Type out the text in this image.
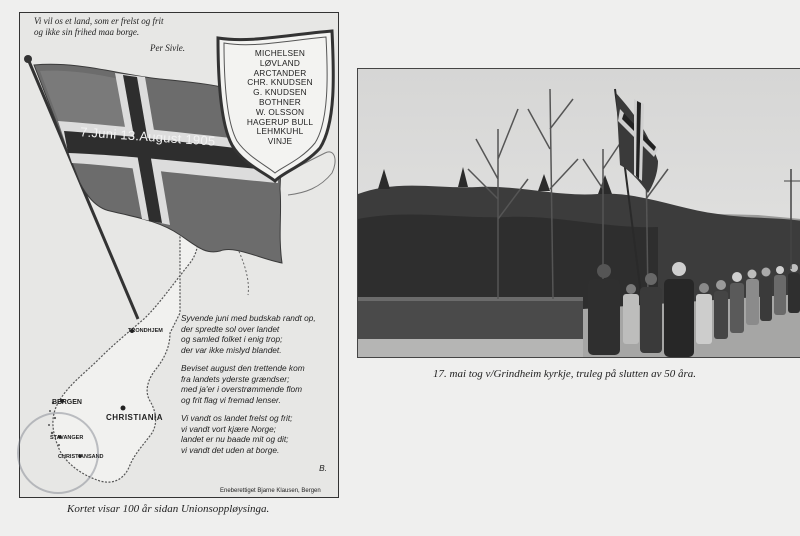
Vi vil os et land, som er frelst og frit
og ikke sin frihed maa borge.
Per Sivle.	MICHELSEN
LØVLAND
ARCTANDER
CHR. KNUDSEN
G. KNUDSEN
BOTHNER
W. OLSSON
HAGERUP BULL
LEHMKUHL
VINJE
7.Juni 13.August 1905
TRONDHJEM
BERGEN
CHRISTIANIA
STAVANGER
CHRISTIANSAND
Syvende juni med budskab randt op,
der spredte sol over landet
og samled folket i enig trop;
der var ikke mislyd blandet.
Beviset august den trettende kom
fra landets yderste grændser;
med ja'er i overstrømmende flom
og frit flag vi fremad lenser.
Vi vandt os landet frelst og frit;
vi vandt vort kjære Norge;
landet er nu baade mit og dit;
vi vandt det uden at borge.
B.
Eneberettiget Bjarne Klausen, Bergen
Kortet visar 100 år sidan Unionsoppløysinga.
17. mai tog v/Grindheim kyrkje, truleg på slutten av 50 åra.
